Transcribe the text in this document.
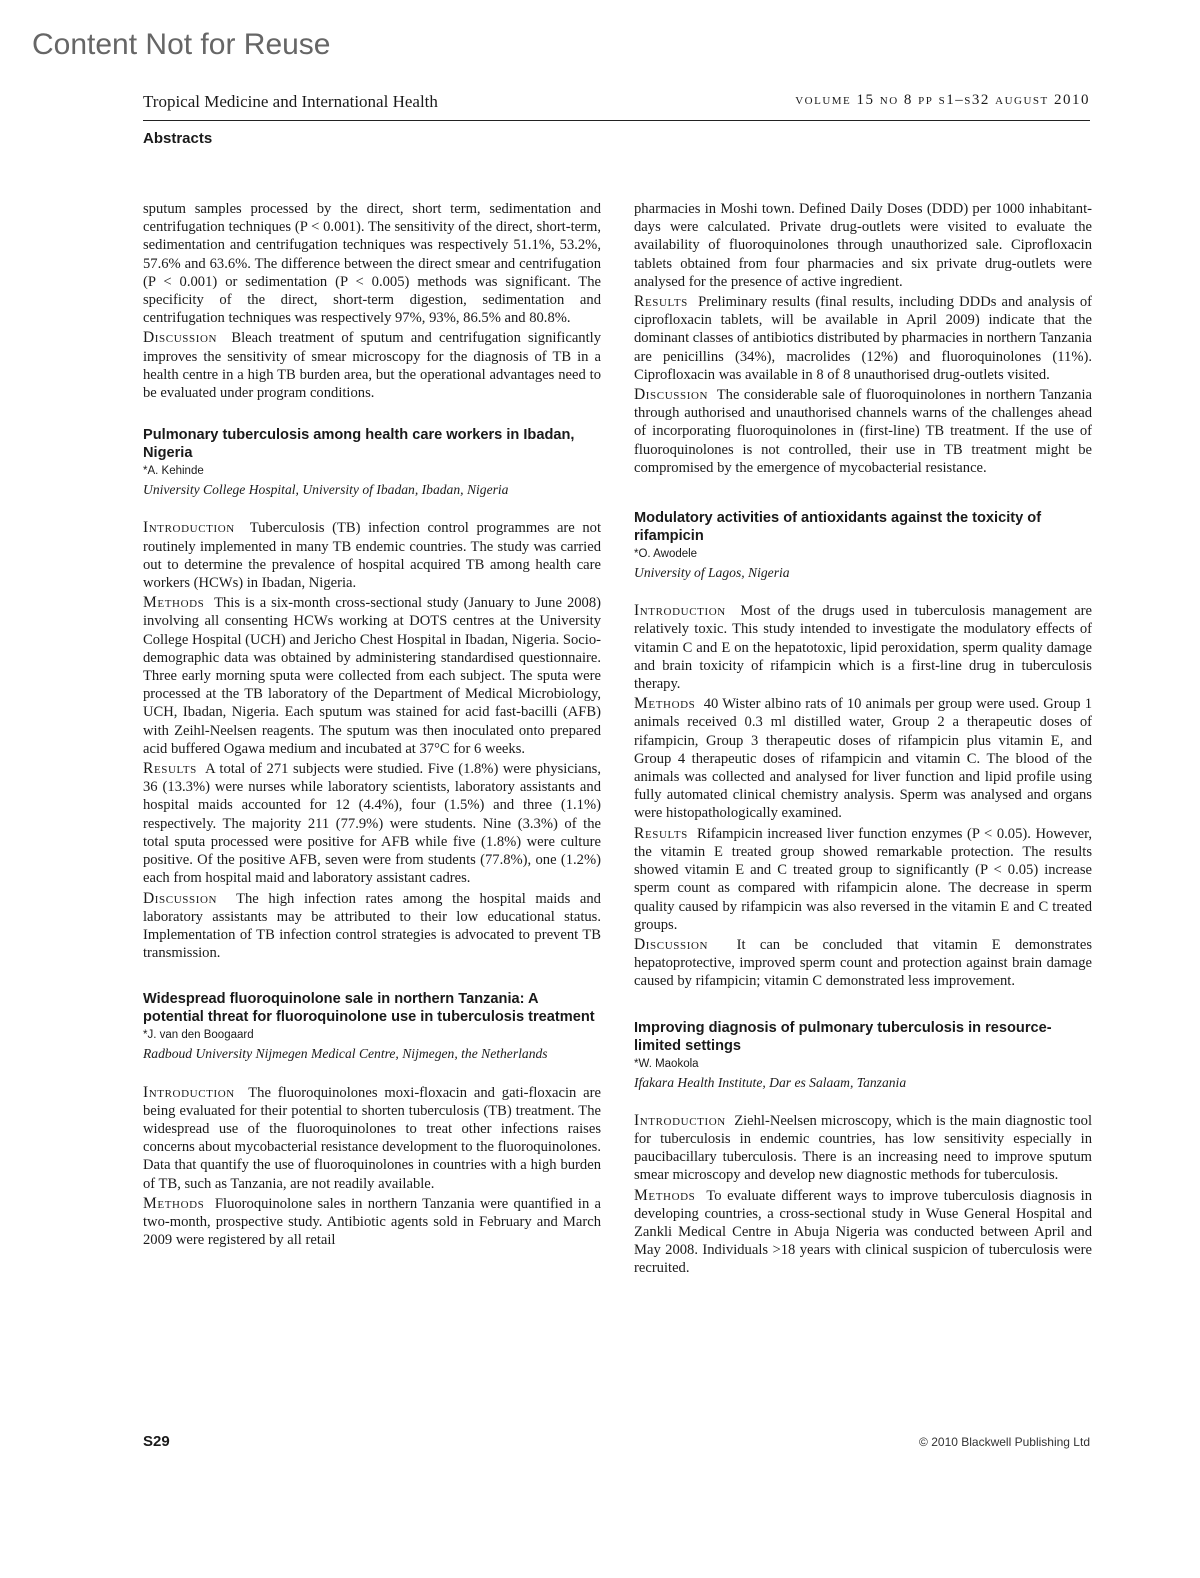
Content Not for Reuse
Tropical Medicine and International Health	volume 15 no 8 pp s1–s32 august 2010
Abstracts

sputum samples processed by the direct, short term, sedimentation and centrifugation techniques (P < 0.001). The sensitivity of the direct, short-term, sedimentation and centrifugation techniques was respectively 51.1%, 53.2%, 57.6% and 63.6%. The difference between the direct smear and centrifugation (P < 0.001) or sedimentation (P < 0.005) methods was significant. The specificity of the direct, short-term digestion, sedimentation and centrifugation techniques was respectively 97%, 93%, 86.5% and 80.8%.

Discussion Bleach treatment of sputum and centrifugation significantly improves the sensitivity of smear microscopy for the diagnosis of TB in a health centre in a high TB burden area, but the operational advantages need to be evaluated under program conditions.

Pulmonary tuberculosis among health care workers in Ibadan, Nigeria
*A. Kehinde
University College Hospital, University of Ibadan, Ibadan, Nigeria

Introduction Tuberculosis (TB) infection control programmes are not routinely implemented in many TB endemic countries. The study was carried out to determine the prevalence of hospital acquired TB among health care workers (HCWs) in Ibadan, Nigeria.

Methods This is a six-month cross-sectional study (January to June 2008) involving all consenting HCWs working at DOTS centres at the University College Hospital (UCH) and Jericho Chest Hospital in Ibadan, Nigeria. Socio-demographic data was obtained by administering standardised questionnaire. Three early morning sputa were collected from each subject. The sputa were processed at the TB laboratory of the Department of Medical Microbiology, UCH, Ibadan, Nigeria. Each sputum was stained for acid fast-bacilli (AFB) with Zeihl-Neelsen reagents. The sputum was then inoculated onto prepared acid buffered Ogawa medium and incubated at 37°C for 6 weeks.

Results A total of 271 subjects were studied. Five (1.8%) were physicians, 36 (13.3%) were nurses while laboratory scientists, laboratory assistants and hospital maids accounted for 12 (4.4%), four (1.5%) and three (1.1%) respectively. The majority 211 (77.9%) were students. Nine (3.3%) of the total sputa processed were positive for AFB while five (1.8%) were culture positive. Of the positive AFB, seven were from students (77.8%), one (1.2%) each from hospital maid and laboratory assistant cadres.

Discussion The high infection rates among the hospital maids and laboratory assistants may be attributed to their low educational status. Implementation of TB infection control strategies is advocated to prevent TB transmission.

Widespread fluoroquinolone sale in northern Tanzania: A potential threat for fluoroquinolone use in tuberculosis treatment
*J. van den Boogaard
Radboud University Nijmegen Medical Centre, Nijmegen, the Netherlands

Introduction The fluoroquinolones moxi-floxacin and gati-floxacin are being evaluated for their potential to shorten tuberculosis (TB) treatment. The widespread use of the fluoroquinolones to treat other infections raises concerns about mycobacterial resistance development to the fluoroquinolones. Data that quantify the use of fluoroquinolones in countries with a high burden of TB, such as Tanzania, are not readily available.

Methods Fluoroquinolone sales in northern Tanzania were quantified in a two-month, prospective study. Antibiotic agents sold in February and March 2009 were registered by all retail

pharmacies in Moshi town. Defined Daily Doses (DDD) per 1000 inhabitant-days were calculated. Private drug-outlets were visited to evaluate the availability of fluoroquinolones through unauthorized sale. Ciprofloxacin tablets obtained from four pharmacies and six private drug-outlets were analysed for the presence of active ingredient.

Results Preliminary results (final results, including DDDs and analysis of ciprofloxacin tablets, will be available in April 2009) indicate that the dominant classes of antibiotics distributed by pharmacies in northern Tanzania are penicillins (34%), macrolides (12%) and fluoroquinolones (11%). Ciprofloxacin was available in 8 of 8 unauthorised drug-outlets visited.

Discussion The considerable sale of fluoroquinolones in northern Tanzania through authorised and unauthorised channels warns of the challenges ahead of incorporating fluoroquinolones in (first-line) TB treatment. If the use of fluoroquinolones is not controlled, their use in TB treatment might be compromised by the emergence of mycobacterial resistance.

Modulatory activities of antioxidants against the toxicity of rifampicin
*O. Awodele
University of Lagos, Nigeria

Introduction Most of the drugs used in tuberculosis management are relatively toxic. This study intended to investigate the modulatory effects of vitamin C and E on the hepatotoxic, lipid peroxidation, sperm quality damage and brain toxicity of rifampicin which is a first-line drug in tuberculosis therapy.

Methods 40 Wister albino rats of 10 animals per group were used. Group 1 animals received 0.3 ml distilled water, Group 2 a therapeutic doses of rifampicin, Group 3 therapeutic doses of rifampicin plus vitamin E, and Group 4 therapeutic doses of rifampicin and vitamin C. The blood of the animals was collected and analysed for liver function and lipid profile using fully automated clinical chemistry analysis. Sperm was analysed and organs were histopathologically examined.

Results Rifampicin increased liver function enzymes (P < 0.05). However, the vitamin E treated group showed remarkable protection. The results showed vitamin E and C treated group to significantly (P < 0.05) increase sperm count as compared with rifampicin alone. The decrease in sperm quality caused by rifampicin was also reversed in the vitamin E and C treated groups.

Discussion It can be concluded that vitamin E demonstrates hepatoprotective, improved sperm count and protection against brain damage caused by rifampicin; vitamin C demonstrated less improvement.

Improving diagnosis of pulmonary tuberculosis in resource-limited settings
*W. Maokola
Ifakara Health Institute, Dar es Salaam, Tanzania

Introduction Ziehl-Neelsen microscopy, which is the main diagnostic tool for tuberculosis in endemic countries, has low sensitivity especially in paucibacillary tuberculosis. There is an increasing need to improve sputum smear microscopy and develop new diagnostic methods for tuberculosis.

Methods To evaluate different ways to improve tuberculosis diagnosis in developing countries, a cross-sectional study in Wuse General Hospital and Zankli Medical Centre in Abuja Nigeria was conducted between April and May 2008. Individuals >18 years with clinical suspicion of tuberculosis were recruited.

S29	© 2010 Blackwell Publishing Ltd
